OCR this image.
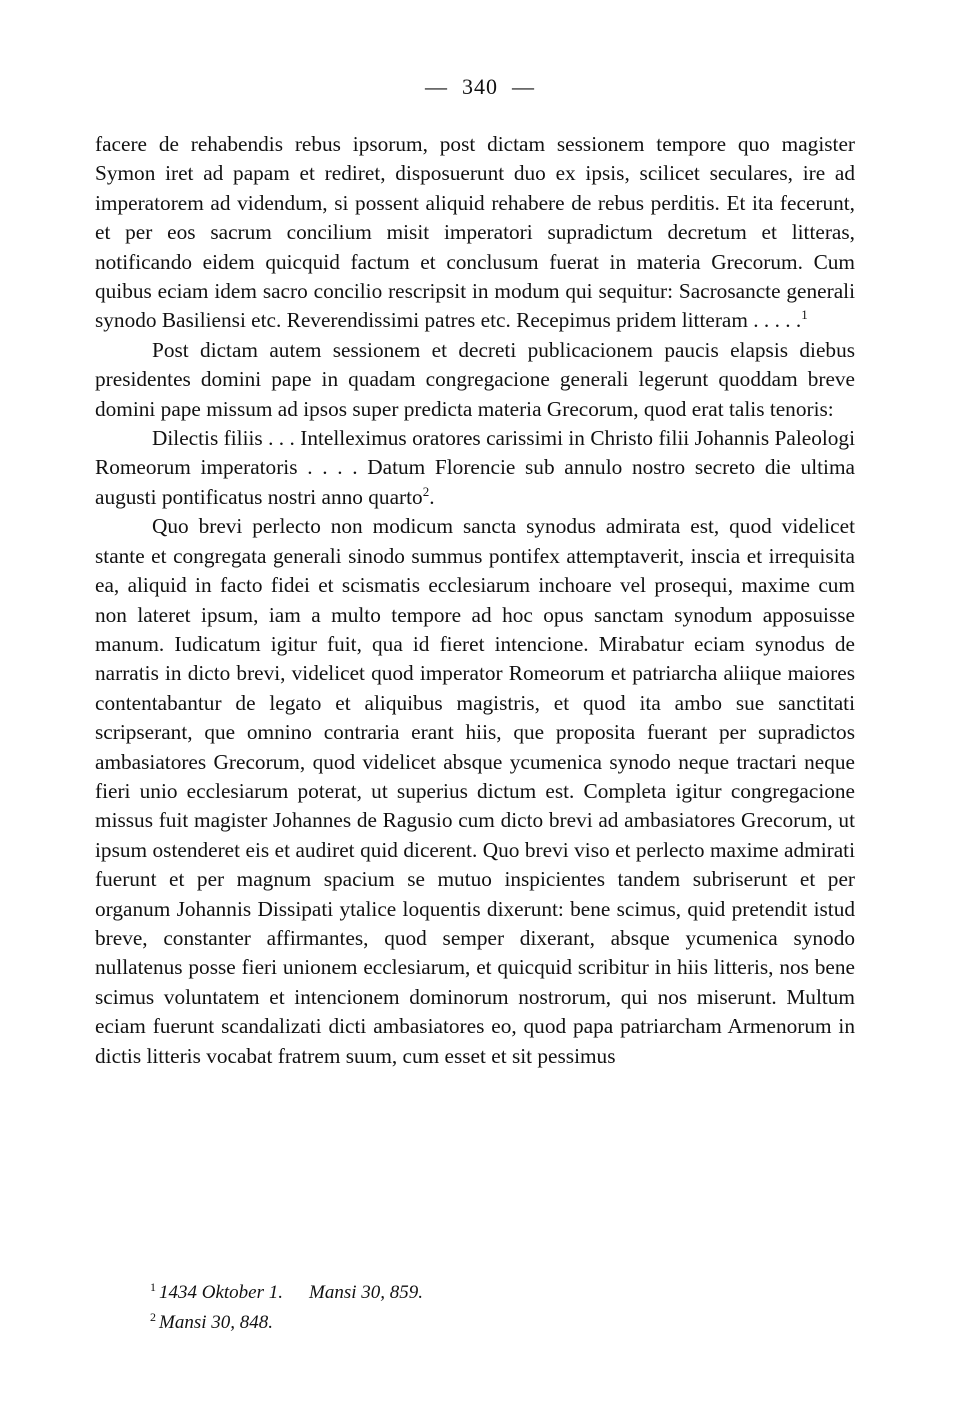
— 340 —

facere de rehabendis rebus ipsorum, post dictam sessionem tempore quo magister Symon iret ad papam et rediret, disposuerunt duo ex ipsis, scilicet seculares, ire ad imperatorem ad videndum, si possent aliquid rehabere de rebus perditis. Et ita fecerunt, et per eos sacrum concilium misit imperatori supradictum decretum et litteras, notificando eidem quicquid factum et conclusum fuerat in materia Grecorum. Cum quibus eciam idem sacro concilio rescripsit in modum qui sequitur: Sacrosancte generali synodo Basiliensi etc. Reverendissimi patres etc. Recepimus pridem litteram . . . . .$^1$

Post dictam autem sessionem et decreti publicacionem paucis elapsis diebus presidentes domini pape in quadam congregacione generali legerunt quoddam breve domini pape missum ad ipsos super predicta materia Grecorum, quod erat talis tenoris:

Dilectis filiis . . . Intelleximus oratores carissimi in Christo filii Johannis Paleologi Romeorum imperatoris . . . . Datum Florencie sub annulo nostro secreto die ultima augusti pontificatus nostri anno quarto$^2$.

Quo brevi perlecto non modicum sancta synodus admirata est, quod videlicet stante et congregata generali sinodo summus pontifex attemptaverit, inscia et irrequisita ea, aliquid in facto fidei et scismatis ecclesiarum inchoare vel prosequi, maxime cum non lateret ipsum, iam a multo tempore ad hoc opus sanctam synodum apposuisse manum. Iudicatum igitur fuit, qua id fieret intencione. Mirabatur eciam synodus de narratis in dicto brevi, videlicet quod imperator Romeorum et patriarcha aliique maiores contentabantur de legato et aliquibus magistris, et quod ita ambo sue sanctitati scripserant, que omnino contraria erant hiis, que proposita fuerant per supradictos ambasiatores Grecorum, quod videlicet absque ycumenica synodo neque tractari neque fieri unio ecclesiarum poterat, ut superius dictum est. Completa igitur congregacione missus fuit magister Johannes de Ragusio cum dicto brevi ad ambasiatores Grecorum, ut ipsum ostenderet eis et audiret quid dicerent. Quo brevi viso et perlecto maxime admirati fuerunt et per magnum spacium se mutuo inspicientes tandem subriserunt et per organum Johannis Dissipati ytalice loquentis dixerunt: bene scimus, quid pretendit istud breve, constanter affirmantes, quod semper dixerant, absque ycumenica synodo nullatenus posse fieri unionem ecclesiarum, et quicquid scribitur in hiis litteris, nos bene scimus voluntatem et intencionem dominorum nostrorum, qui nos miserunt. Multum eciam fuerunt scandalizati dicti ambasiatores eo, quod papa patriarcham Armenorum in dictis litteris vocabat fratrem suum, cum esset et sit pessimus

$^1$ 1434 Oktober 1. Mansi 30, 859.

$^2$ Mansi 30, 848.
